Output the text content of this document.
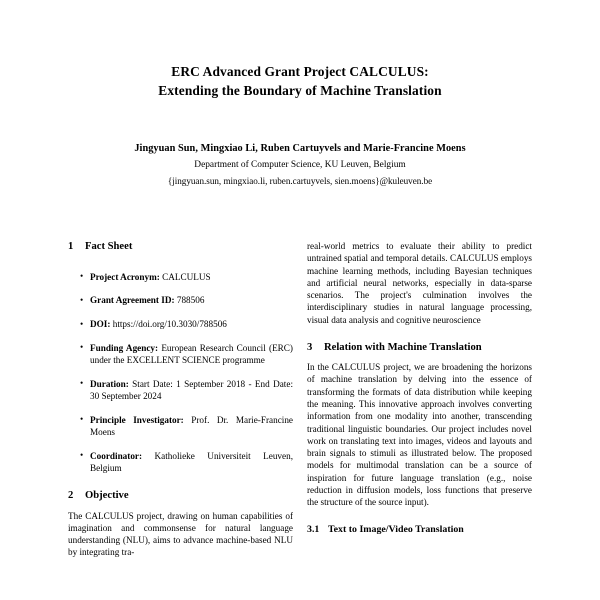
ERC Advanced Grant Project CALCULUS:
Extending the Boundary of Machine Translation

Jingyuan Sun, Mingxiao Li, Ruben Cartuyvels and Marie-Francine Moens

Department of Computer Science, KU Leuven, Belgium

{jingyuan.sun, mingxiao.li, ruben.cartuyvels, sien.moens}@kuleuven.be

1	Fact Sheet
• Project Acronym: CALCULUS
• Grant Agreement ID: 788506
• DOI: https://doi.org/10.3030/788506
• Funding Agency: European Research Council (ERC) under the EXCELLENT SCIENCE programme
• Duration: Start Date: 1 September 2018 - End Date: 30 September 2024
• Principle Investigator: Prof. Dr. Marie-Francine Moens
• Coordinator: Katholieke Universiteit Leuven, Belgium
2	Objective

The CALCULUS project, drawing on human capabilities of imagination and commonsense for natural language understanding (NLU), aims to advance machine-based NLU by integrating tra-

real-world metrics to evaluate their ability to predict untrained spatial and temporal details. CALCULUS employs machine learning methods, including Bayesian techniques and artificial neural networks, especially in data-sparse scenarios. The project's culmination involves the interdisciplinary studies in natural language processing, visual data analysis and cognitive neuroscience

3	Relation with Machine Translation

In the CALCULUS project, we are broadening the horizons of machine translation by delving into the essence of transforming the formats of data distribution while keeping the meaning. This innovative approach involves converting information from one modality into another, transcending traditional linguistic boundaries. Our project includes novel work on translating text into images, videos and layouts and brain signals to stimuli as illustrated below. The proposed models for multimodal translation can be a source of inspiration for future language translation (e.g., noise reduction in diffusion models, loss functions that preserve the structure of the source input).

3.1 Text to Image/Video Translation
